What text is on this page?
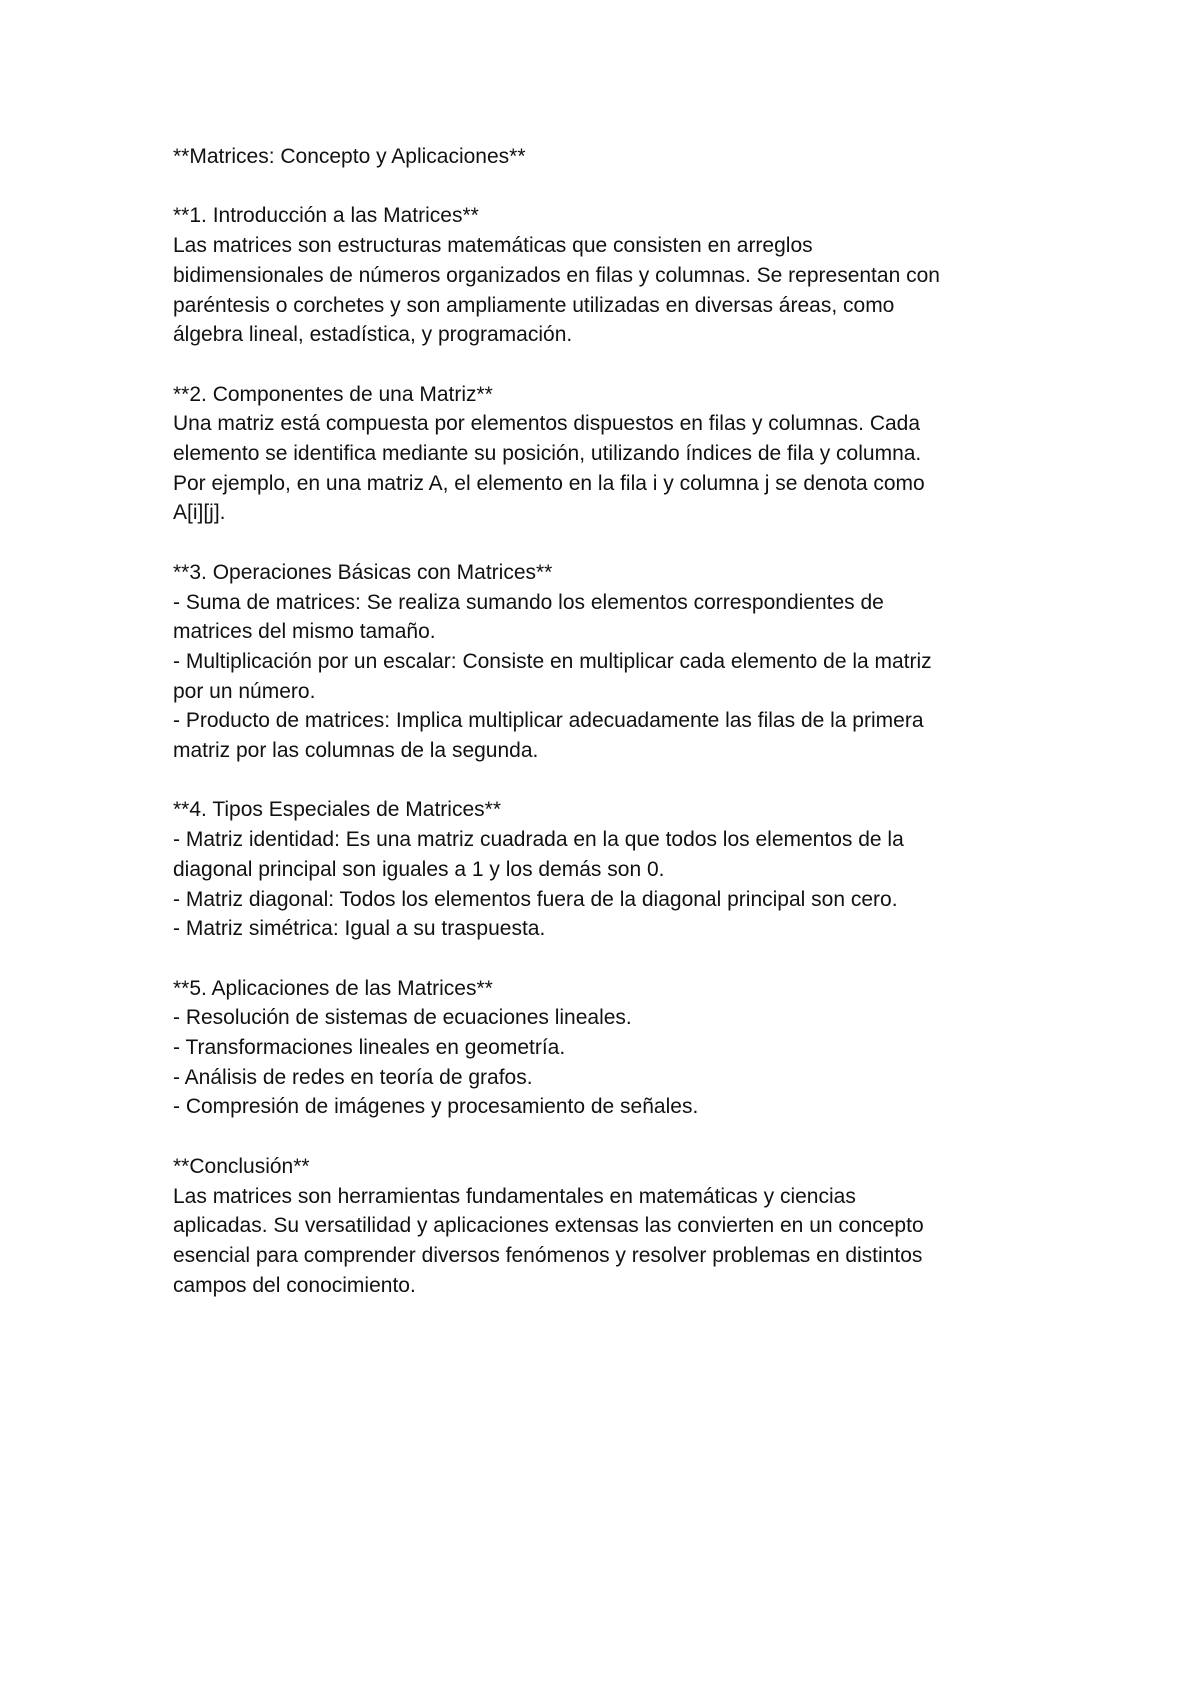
**Matrices: Concepto y Aplicaciones**
**1. Introducción a las Matrices**
Las matrices son estructuras matemáticas que consisten en arreglos
bidimensionales de números organizados en filas y columnas. Se representan con
paréntesis o corchetes y son ampliamente utilizadas en diversas áreas, como
álgebra lineal, estadística, y programación.
**2. Componentes de una Matriz**
Una matriz está compuesta por elementos dispuestos en filas y columnas. Cada
elemento se identifica mediante su posición, utilizando índices de fila y columna.
Por ejemplo, en una matriz A, el elemento en la fila i y columna j se denota como
A[i][j].
**3. Operaciones Básicas con Matrices**
- Suma de matrices: Se realiza sumando los elementos correspondientes de
matrices del mismo tamaño.
- Multiplicación por un escalar: Consiste en multiplicar cada elemento de la matriz
por un número.
- Producto de matrices: Implica multiplicar adecuadamente las filas de la primera
matriz por las columnas de la segunda.
**4. Tipos Especiales de Matrices**
- Matriz identidad: Es una matriz cuadrada en la que todos los elementos de la
diagonal principal son iguales a 1 y los demás son 0.
- Matriz diagonal: Todos los elementos fuera de la diagonal principal son cero.
- Matriz simétrica: Igual a su traspuesta.
**5. Aplicaciones de las Matrices**
- Resolución de sistemas de ecuaciones lineales.
- Transformaciones lineales en geometría.
- Análisis de redes en teoría de grafos.
- Compresión de imágenes y procesamiento de señales.
**Conclusión**
Las matrices son herramientas fundamentales en matemáticas y ciencias
aplicadas. Su versatilidad y aplicaciones extensas las convierten en un concepto
esencial para comprender diversos fenómenos y resolver problemas en distintos
campos del conocimiento.
